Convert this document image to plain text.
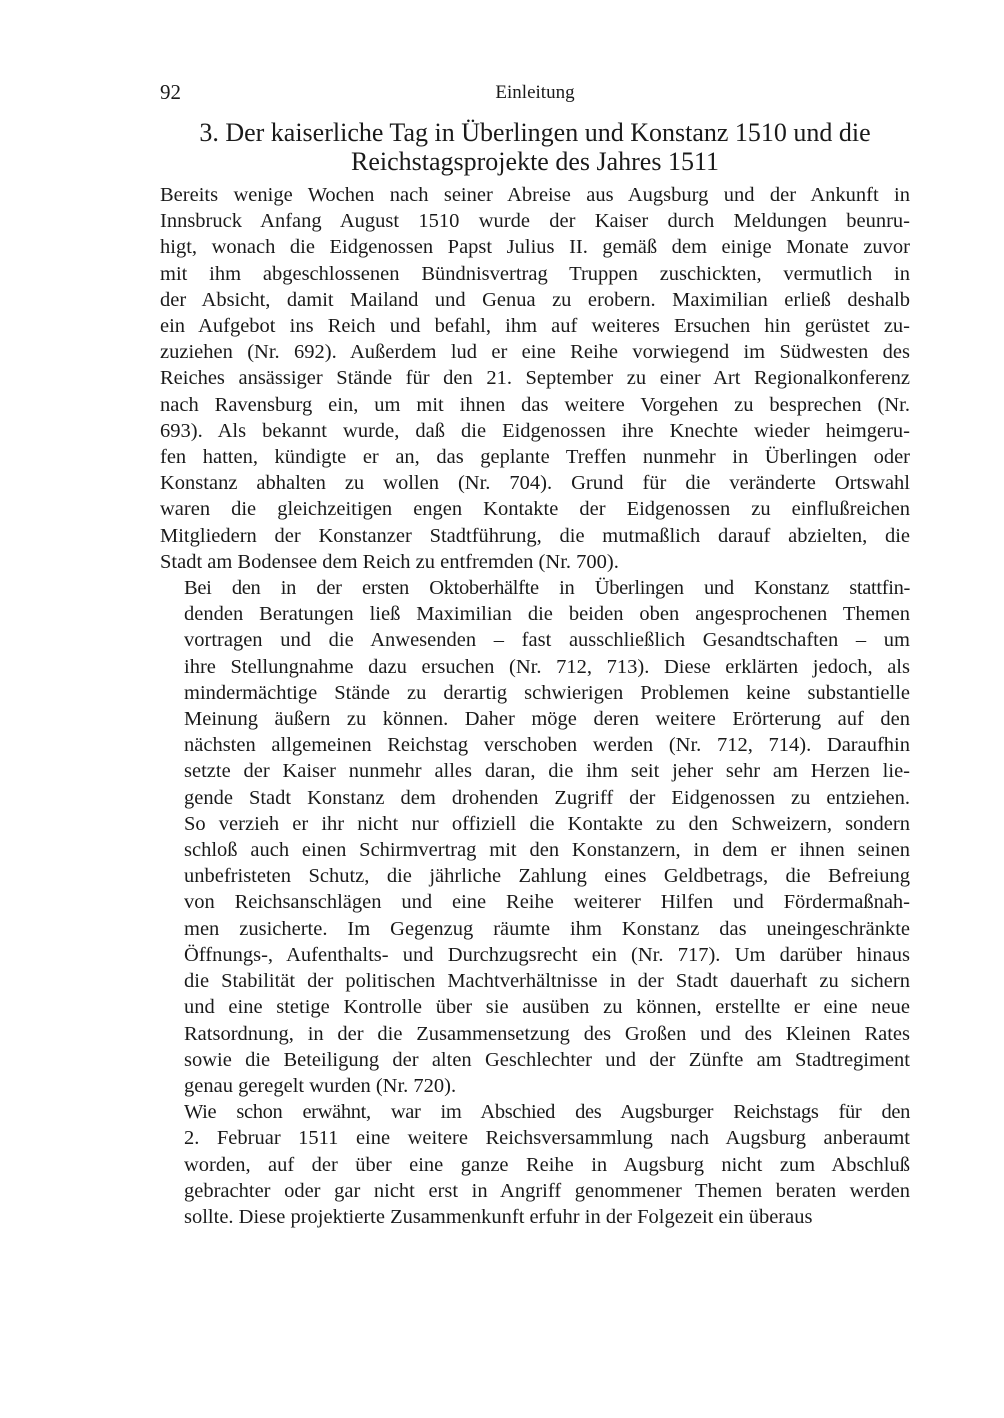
92	Einleitung
3. Der kaiserliche Tag in Überlingen und Konstanz 1510 und die
Reichstagsprojekte des Jahres 1511

Bereits wenige Wochen nach seiner Abreise aus Augsburg und der Ankunft in
Innsbruck Anfang August 1510 wurde der Kaiser durch Meldungen beunru-
higt, wonach die Eidgenossen Papst Julius II. gemäß dem einige Monate zuvor
mit ihm abgeschlossenen Bündnisvertrag Truppen zuschickten, vermutlich in
der Absicht, damit Mailand und Genua zu erobern. Maximilian erließ deshalb
ein Aufgebot ins Reich und befahl, ihm auf weiteres Ersuchen hin gerüstet zu-
zuziehen (Nr. 692). Außerdem lud er eine Reihe vorwiegend im Südwesten des
Reiches ansässiger Stände für den 21. September zu einer Art Regionalkonferenz
nach Ravensburg ein, um mit ihnen das weitere Vorgehen zu besprechen (Nr.
693). Als bekannt wurde, daß die Eidgenossen ihre Knechte wieder heimgeru-
fen hatten, kündigte er an, das geplante Treffen nunmehr in Überlingen oder
Konstanz abhalten zu wollen (Nr. 704). Grund für die veränderte Ortswahl
waren die gleichzeitigen engen Kontakte der Eidgenossen zu einflußreichen
Mitgliedern der Konstanzer Stadtführung, die mutmaßlich darauf abzielten, die
Stadt am Bodensee dem Reich zu entfremden (Nr. 700).

Bei den in der ersten Oktoberhälfte in Überlingen und Konstanz stattfin-
denden Beratungen ließ Maximilian die beiden oben angesprochenen Themen
vortragen und die Anwesenden – fast ausschließlich Gesandtschaften – um
ihre Stellungnahme dazu ersuchen (Nr. 712, 713). Diese erklärten jedoch, als
mindermächtige Stände zu derartig schwierigen Problemen keine substantielle
Meinung äußern zu können. Daher möge deren weitere Erörterung auf den
nächsten allgemeinen Reichstag verschoben werden (Nr. 712, 714). Daraufhin
setzte der Kaiser nunmehr alles daran, die ihm seit jeher sehr am Herzen lie-
gende Stadt Konstanz dem drohenden Zugriff der Eidgenossen zu entziehen.
So verzieh er ihr nicht nur offiziell die Kontakte zu den Schweizern, sondern
schloß auch einen Schirmvertrag mit den Konstanzern, in dem er ihnen seinen
unbefristeten Schutz, die jährliche Zahlung eines Geldbetrags, die Befreiung
von Reichsanschlägen und eine Reihe weiterer Hilfen und Fördermaßnah-
men zusicherte. Im Gegenzug räumte ihm Konstanz das uneingeschränkte
Öffnungs-, Aufenthalts- und Durchzugsrecht ein (Nr. 717). Um darüber hinaus
die Stabilität der politischen Machtverhältnisse in der Stadt dauerhaft zu sichern
und eine stetige Kontrolle über sie ausüben zu können, erstellte er eine neue
Ratsordnung, in der die Zusammensetzung des Großen und des Kleinen Rates
sowie die Beteiligung der alten Geschlechter und der Zünfte am Stadtregiment
genau geregelt wurden (Nr. 720).

Wie schon erwähnt, war im Abschied des Augsburger Reichstags für den
2. Februar 1511 eine weitere Reichsversammlung nach Augsburg anberaumt
worden, auf der über eine ganze Reihe in Augsburg nicht zum Abschluß
gebrachter oder gar nicht erst in Angriff genommener Themen beraten werden
sollte. Diese projektierte Zusammenkunft erfuhr in der Folgezeit ein überaus
